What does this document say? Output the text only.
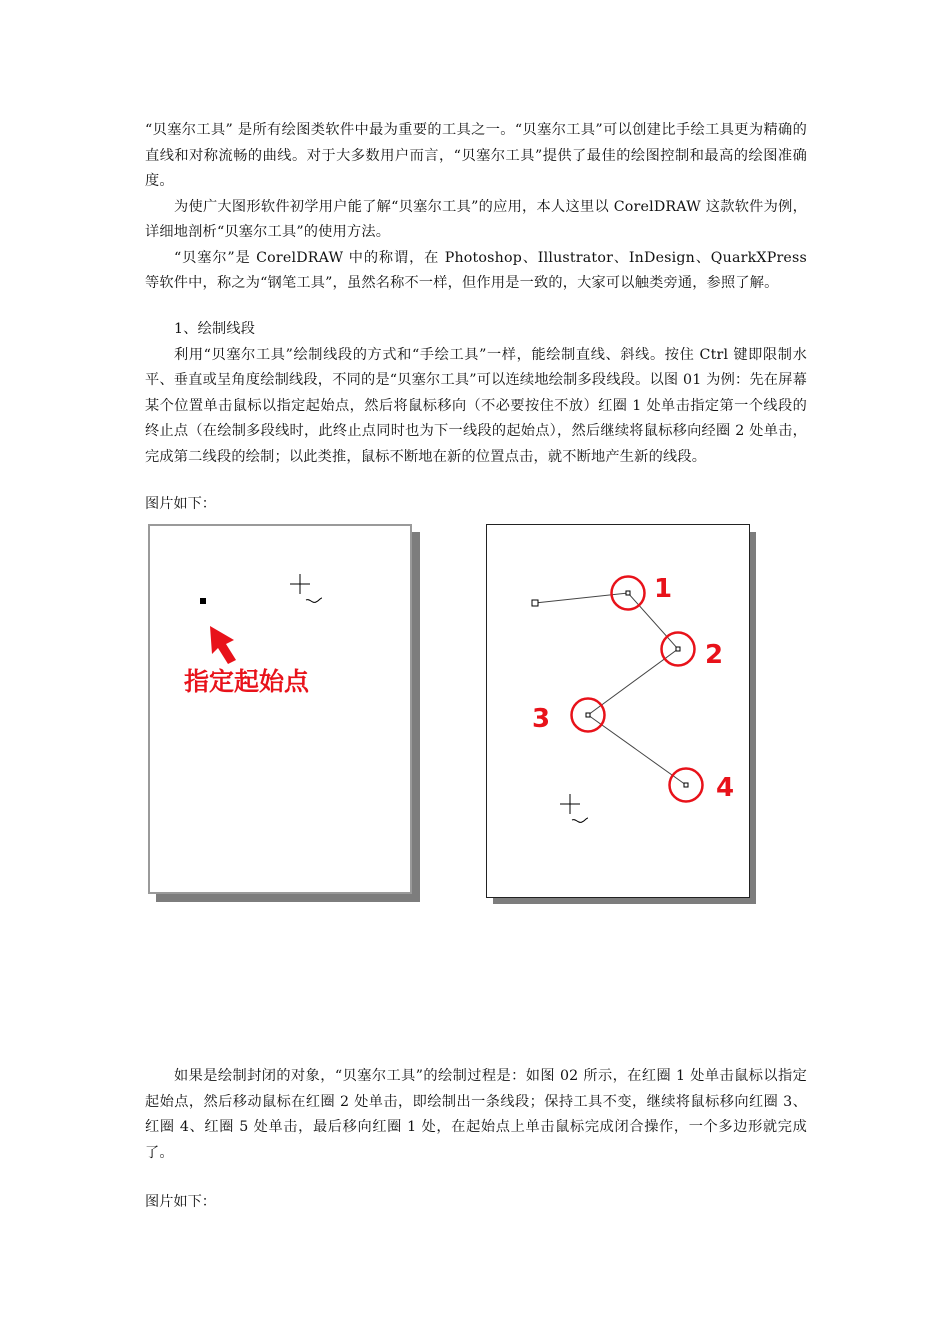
“贝塞尔工具” 是所有绘图类软件中最为重要的工具之一。“贝塞尔工具”可以创建比手绘工具更为精确的直线和对称流畅的曲线。对于大多数用户而言，“贝塞尔工具”提供了最佳的绘图控制和最高的绘图准确度。

为使广大图形软件初学用户能了解“贝塞尔工具”的应用，本人这里以 CorelDRAW 这款软件为例，详细地剖析“贝塞尔工具”的使用方法。

“贝塞尔”是 CorelDRAW 中的称谓，在 Photoshop、Illustrator、InDesign、QuarkXPress 等软件中，称之为“钢笔工具”，虽然名称不一样，但作用是一致的，大家可以触类旁通，参照了解。

1、绘制线段

利用“贝塞尔工具”绘制线段的方式和“手绘工具”一样，能绘制直线、斜线。按住 Ctrl 键即限制水平、垂直或呈角度绘制线段，不同的是“贝塞尔工具”可以连续地绘制多段线段。以图 01 为例：先在屏幕某个位置单击鼠标以指定起始点，然后将鼠标移向（不必要按住不放）红圈 1 处单击指定第一个线段的终止点（在绘制多段线时，此终止点同时也为下一线段的起始点），然后继续将鼠标移向经圈 2 处单击，完成第二线段的绘制；以此类推，鼠标不断地在新的位置点击，就不断地产生新的线段。

图片如下：
指定起始点
1
2
3
4

如果是绘制封闭的对象，“贝塞尔工具”的绘制过程是：如图 02 所示，在红圈 1 处单击鼠标以指定起始点，然后移动鼠标在红圈 2 处单击，即绘制出一条线段；保持工具不变，继续将鼠标移向红圈 3、红圈 4、红圈 5 处单击，最后移向红圈 1 处，在起始点上单击鼠标完成闭合操作，一个多边形就完成了。

图片如下：
